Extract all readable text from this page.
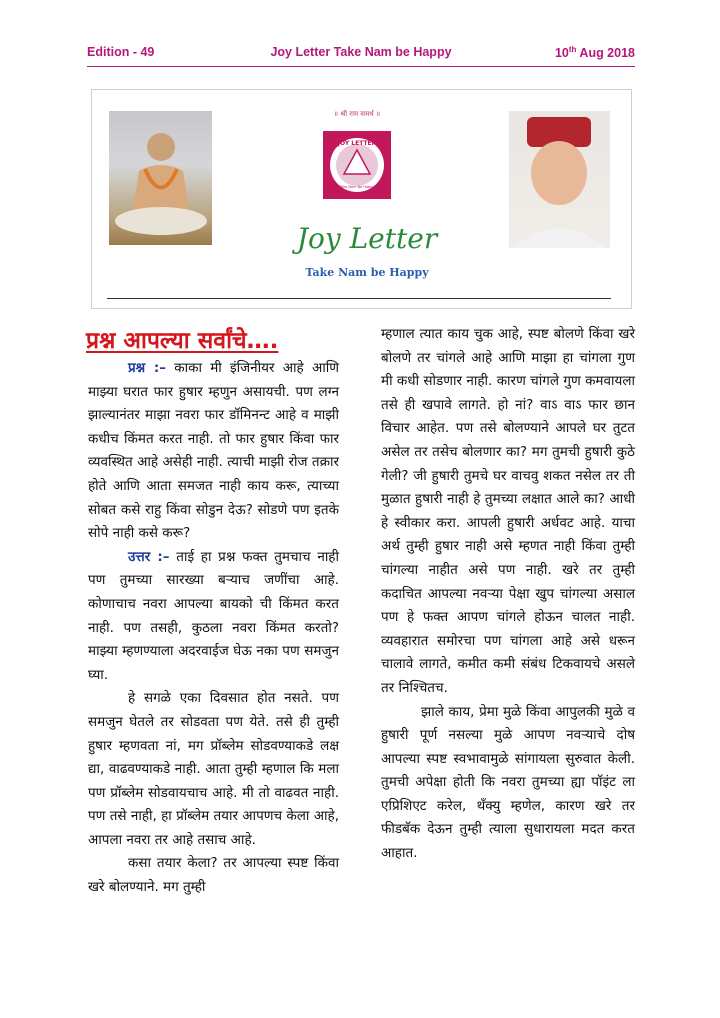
Edition - 49	Joy Letter Take Nam be Happy	10th Aug 2018
॥ श्री राम समर्थ ॥
JOY LETTER
Take Nam Be Happy
Joy Letter
Take Nam be Happy
प्रश्न आपल्या सर्वांचे….

प्रश्न :– काका मी इंजिनीयर आहे आणि माझ्या घरात फार हुषार म्हणुन असायची. पण लग्न झाल्यानंतर माझा नवरा फार डॉमिनन्ट आहे व माझी कधीच किंमत करत नाही. तो फार हुषार किंवा फार व्यवस्थित आहे असेही नाही. त्याची माझी रोज तक्रार होते आणि आता समजत नाही काय करू, त्याच्या सोबत कसे राहु किंवा सोडुन देऊ? सोडणे पण इतके सोपे नाही कसे करू?

उत्तर :– ताई हा प्रश्न फक्त तुमचाच नाही पण तुमच्या सारख्या बऱ्याच जणींचा आहे. कोणाचाच नवरा आपल्या बायको ची किंमत करत नाही. पण तसही, कुठला नवरा किंमत करतो? माझ्या म्हणण्याला अदरवाईज घेऊ नका पण समजुन घ्या.

हे सगळे एका दिवसात होत नसते. पण समजुन घेतले तर सोडवता पण येते. तसे ही तुम्ही हुषार म्हणवता नां, मग प्रॉब्लेम सोडवण्याकडे लक्ष द्या, वाढवण्याकडे नाही. आता तुम्ही म्हणाल कि मला पण प्रॉब्लेम सोडवायचाच आहे. मी तो वाढवत नाही. पण तसे नाही, हा प्रॉब्लेम तयार आपणच केला आहे, आपला नवरा तर आहे तसाच आहे.

कसा तयार केला? तर आपल्या स्पष्ट किंवा खरे बोलण्याने. मग तुम्ही

म्हणाल त्यात काय चुक आहे, स्पष्ट बोलणे किंवा खरे बोलणे तर चांगले आहे आणि माझा हा चांगला गुण मी कधी सोडणार नाही. कारण चांगले गुण कमवायला तसे ही खपावे लागते. हो नां? वाऽ वाऽ फार छान विचार आहेत. पण तसे बोलण्याने आपले घर तुटत असेल तर तसेच बोलणार का? मग तुमची हुषारी कुठे गेली? जी हुषारी तुमचे घर वाचवु शकत नसेल तर ती मुळात हुषारी नाही हे तुमच्या लक्षात आले का? आधी हे स्वीकार करा. आपली हुषारी अर्धवट आहे. याचा अर्थ तुम्ही हुषार नाही असे म्हणत नाही किंवा तुम्ही चांगल्या नाहीत असे पण नाही. खरे तर तुम्ही कदाचित आपल्या नवऱ्या पेक्षा खुप चांगल्या असाल पण हे फक्त आपण चांगले होऊन चालत नाही. व्यवहारात समोरचा पण चांगला आहे असे धरून चालावे लागते, कमीत कमी संबंध टिकवायचे असले तर निश्चितच.

झाले काय, प्रेमा मुळे किंवा आपुलकी मुळे व हुषारी पूर्ण नसल्या मुळे आपण नवऱ्याचे दोष आपल्या स्पष्ट स्वभावामुळे सांगायला सुरुवात केली. तुमची अपेक्षा होती कि नवरा तुमच्या ह्या पॉइंट ला एप्रिशिएट करेल, थँक्यु म्हणेल, कारण खरे तर फीडबॅक देऊन तुम्ही त्याला सुधारायला मदत करत आहात.
